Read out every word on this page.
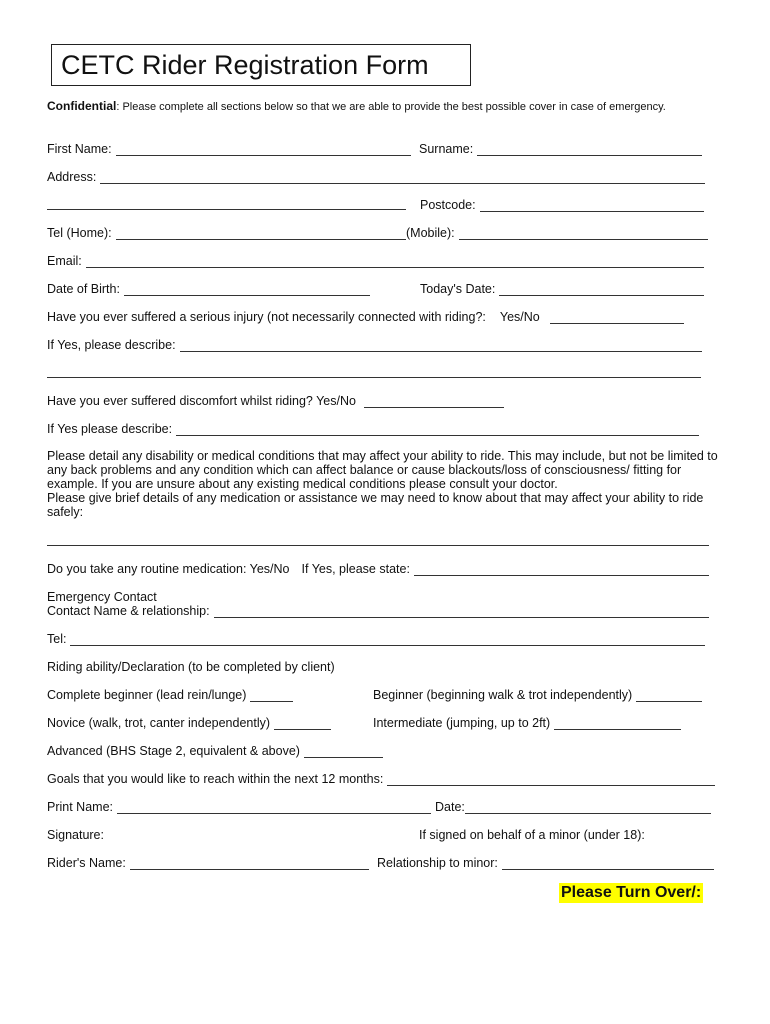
CETC Rider Registration Form
Confidential: Please complete all sections below so that we are able to provide the best possible cover in case of emergency.
First Name:	Surname:
Address:
Postcode:
Tel (Home):	(Mobile):
Email:
Date of Birth:	Today's Date:
Have you ever suffered a serious injury (not necessarily connected with riding?: Yes/No
If Yes, please describe:
Have you ever suffered discomfort whilst riding? Yes/No
If Yes please describe:
Please detail any disability or medical conditions that may affect your ability to ride. This may include, but not be limited to any back problems and any condition which can affect balance or cause blackouts/loss of consciousness/ fitting for example. If you are unsure about any existing medical conditions please consult your doctor.
Please give brief details of any medication or assistance we may need to know about that may affect your ability to ride safely:
Do you take any routine medication: Yes/No If Yes, please state:
Emergency Contact
Contact Name & relationship:
Tel:
Riding ability/Declaration (to be completed by client)
Complete beginner (lead rein/lunge)	Beginner (beginning walk & trot independently)
Novice (walk, trot, canter independently)	Intermediate (jumping, up to 2ft)
Advanced (BHS Stage 2, equivalent & above)
Goals that you would like to reach within the next 12 months:
Print Name:	Date:
Signature:	If signed on behalf of a minor (under 18):
Rider's Name:	Relationship to minor:
Please Turn Over/:
